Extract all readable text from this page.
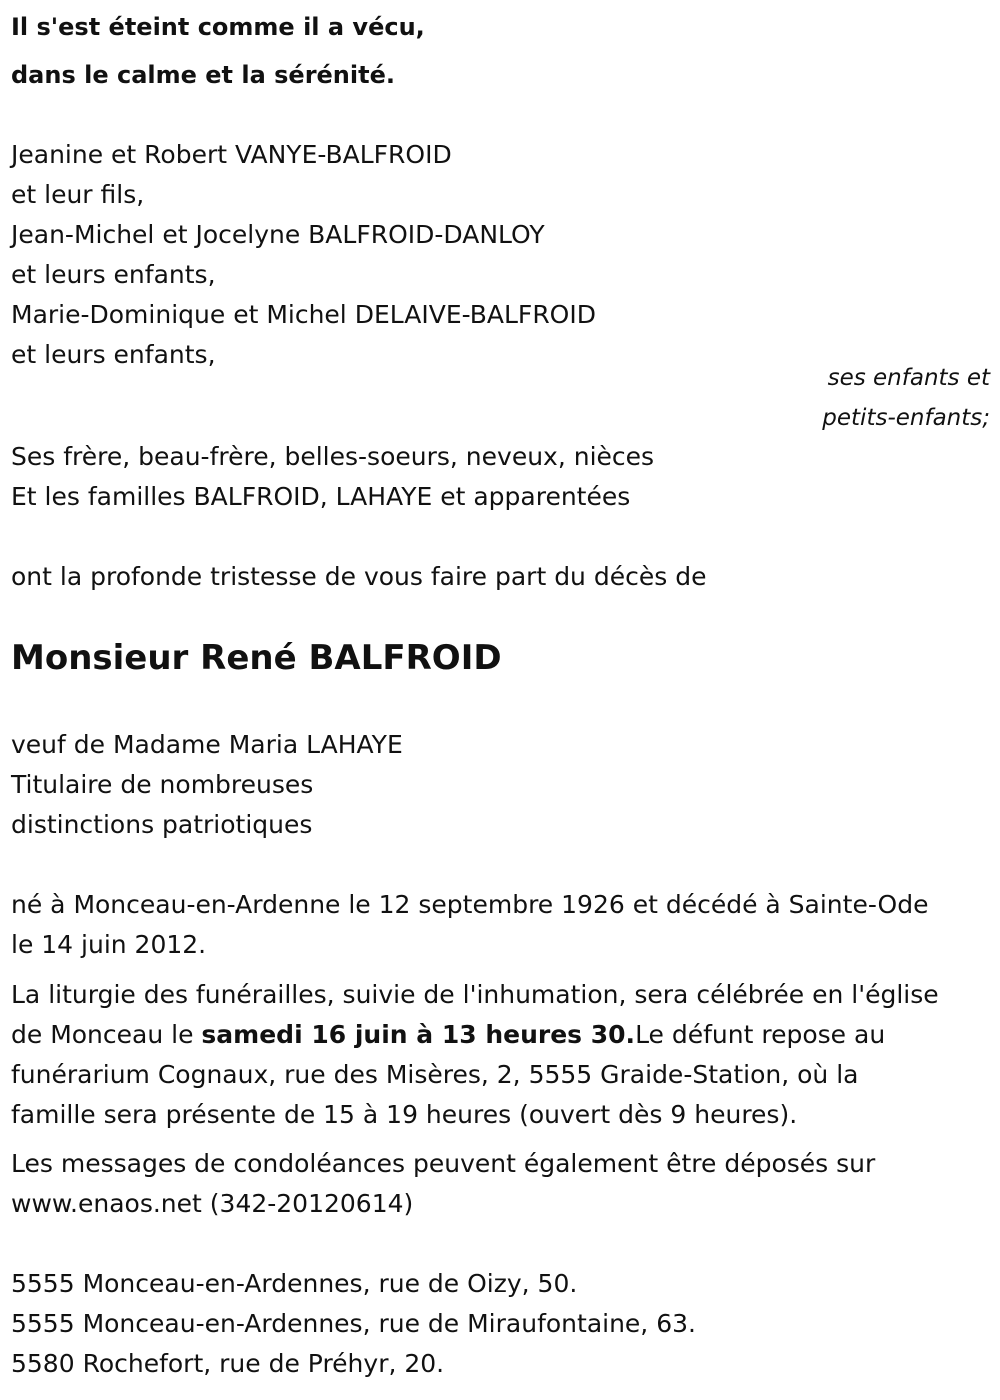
Il s'est éteint comme il a vécu,
dans le calme et la sérénité.
Jeanine et Robert VANYE-BALFROID
et leur fils,
Jean-Michel et Jocelyne BALFROID-DANLOY
et leurs enfants,
Marie-Dominique et Michel DELAIVE-BALFROID
et leurs enfants,
ses enfants et
petits-enfants;
Ses frère, beau-frère, belles-soeurs, neveux, nièces
Et les familles BALFROID, LAHAYE et apparentées
ont la profonde tristesse de vous faire part du décès de
Monsieur René BALFROID
veuf de Madame Maria LAHAYE
Titulaire de nombreuses
distinctions patriotiques
né à Monceau-en-Ardenne le 12 septembre 1926 et décédé à Sainte-Ode
le 14 juin 2012.
La liturgie des funérailles, suivie de l'inhumation, sera célébrée en l'église
de Monceau le samedi 16 juin à 13 heures 30.Le défunt repose au
funérarium Cognaux, rue des Misères, 2, 5555 Graide-Station, où la
famille sera présente de 15 à 19 heures (ouvert dès 9 heures).
Les messages de condoléances peuvent également être déposés sur
www.enaos.net (342-20120614)
5555 Monceau-en-Ardennes, rue de Oizy, 50.
5555 Monceau-en-Ardennes, rue de Miraufontaine, 63.
5580 Rochefort, rue de Préhyr, 20.
